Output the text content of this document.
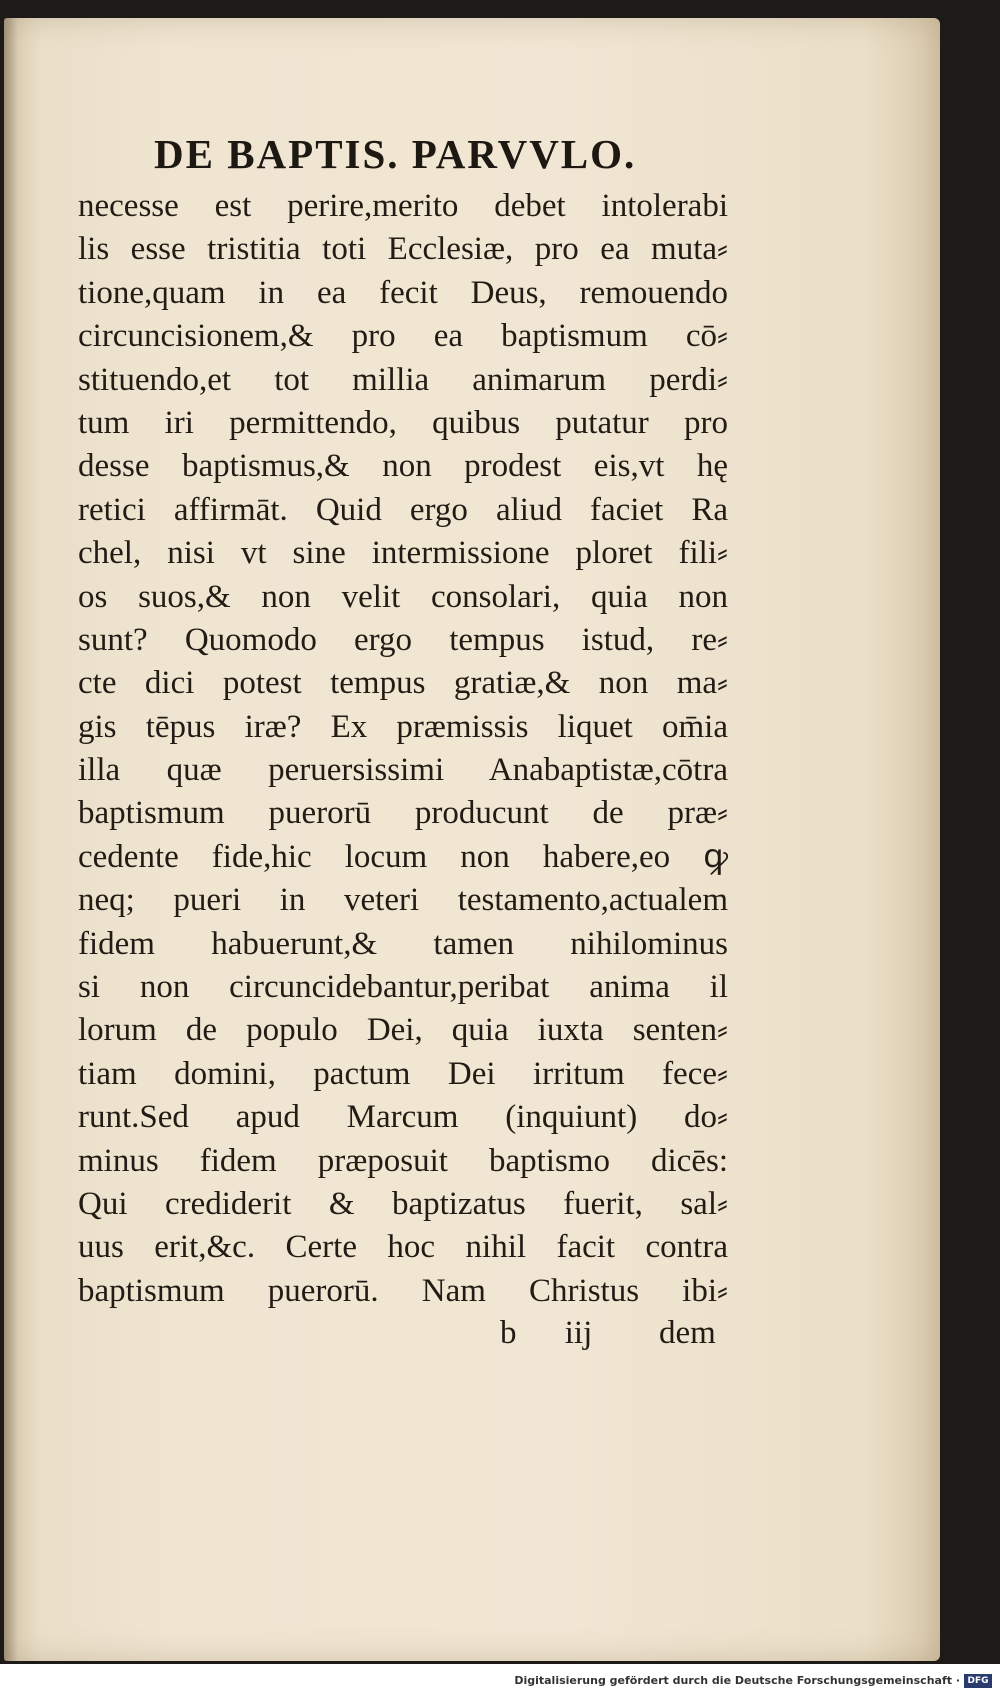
DE BAPTIS. PARVVLO.
necesse est perire,merito debet intolerabi
lis esse tristitia toti Ecclesiæ, pro ea muta⸗
tione,quam in ea fecit Deus, remouendo
circuncisionem,& pro ea baptismum cō⸗
stituendo,et tot millia animarum perdi⸗
tum iri permittendo, quibus putatur pro
desse baptismus,& non prodest eis,vt hę
retici affirmāt. Quid ergo aliud faciet Ra
chel, nisi vt sine intermissione ploret fili⸗
os suos,& non velit consolari, quia non
sunt? Quomodo ergo tempus istud, re⸗
cte dici potest tempus gratiæ,& non ma⸗
gis tēpus iræ? Ex præmissis liquet om̄ia
illa quæ peruersissimi Anabaptistæ,cōtra
baptismum puerorū producunt de præ⸗
cedente fide,hic locum non habere,eo ꝙ
neq; pueri in veteri testamento,actualem
fidem habuerunt,& tamen nihilominus
si non circuncidebantur,peribat anima il
lorum de populo Dei, quia iuxta senten⸗
tiam domini, pactum Dei irritum fece⸗
runt.Sed apud Marcum (inquiunt) do⸗
minus fidem præposuit baptismo dicēs:
Qui crediderit & baptizatus fuerit, sal⸗
uus erit,&c. Certe hoc nihil facit contra
baptismum puerorū. Nam Christus ibi⸗
b iij	dem
Digitalisierung gefördert durch die Deutsche Forschungsgemeinschaft · DFG
